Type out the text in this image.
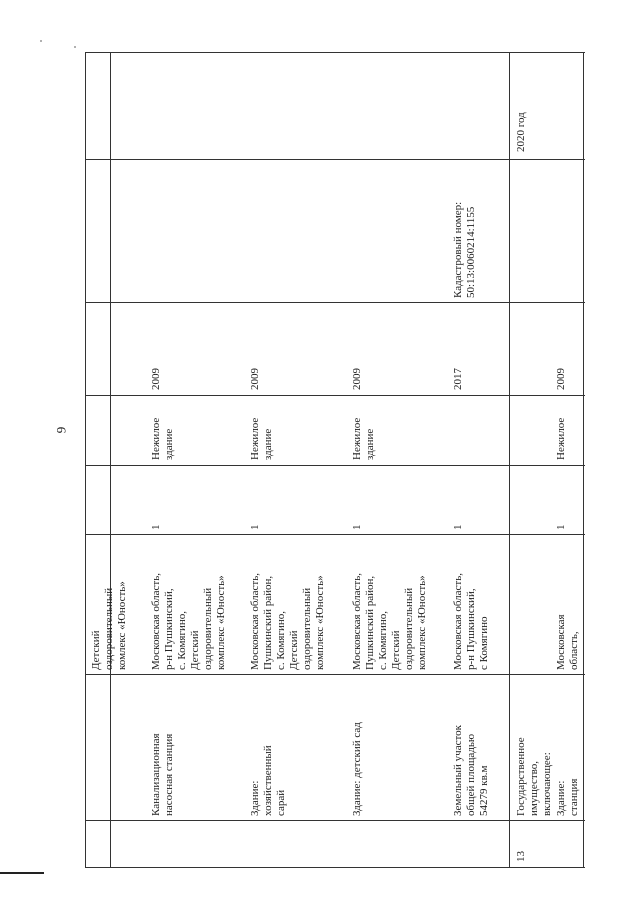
9
Детский
оздоровительный
комлекс «Юность»
2020 год
Канализационная
насосная станция
Московская область,
р-н Пушкинский,
с. Комягино,
Детский
оздоровительный
комплекс «Юность»
1
Нежилое
здание
2009
Здание:
хозяйственный
сарай
Московская область,
Пушкинский район,
с. Комягино,
Детский
оздоровительный
комплекс «Юность»
1
Нежилое
здание
2009
Здание: детский сад
Московская область,
Пушкинский район,
с. Комягино,
Детский
оздоровительный
комплекс «Юность»
1
Нежилое
здание
2009
Земельный участок
общей площадью
54279 кв.м
Московская область,
р-н Пушкинский,
с Комягино
1
2017
Кадастровый номер:
50:13:0060214:1155
13
Государственное
имущество,
включающее: Здание: станция
Московская область,
1
Нежилое
2009
